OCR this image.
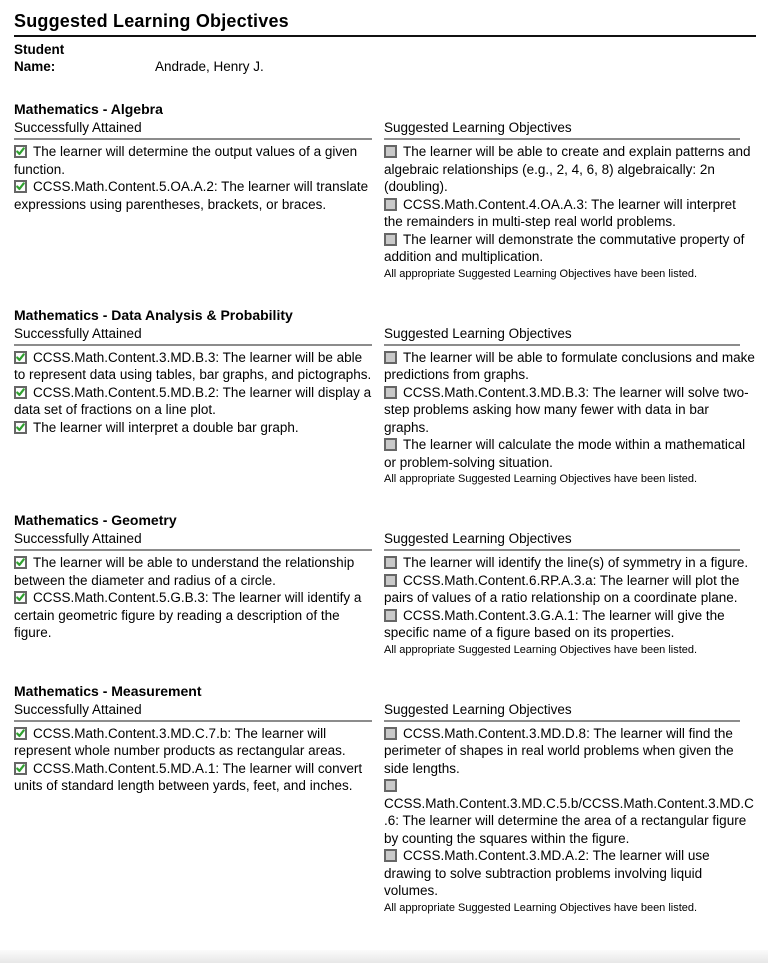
Suggested Learning Objectives
Student
Name:	Andrade, Henry J.
Mathematics - Algebra
Successfully Attained
The learner will determine the output values of a given function.
CCSS.Math.Content.5.OA.A.2: The learner will translate expressions using parentheses, brackets, or braces.
Suggested Learning Objectives
The learner will be able to create and explain patterns and algebraic relationships (e.g., 2, 4, 6, 8) algebraically: 2n (doubling).
CCSS.Math.Content.4.OA.A.3: The learner will interpret the remainders in multi-step real world problems.
The learner will demonstrate the commutative property of addition and multiplication.
All appropriate Suggested Learning Objectives have been listed.
Mathematics - Data Analysis & Probability
Successfully Attained
CCSS.Math.Content.3.MD.B.3: The learner will be able to represent data using tables, bar graphs, and pictographs.
CCSS.Math.Content.5.MD.B.2: The learner will display a data set of fractions on a line plot.
The learner will interpret a double bar graph.
Suggested Learning Objectives
The learner will be able to formulate conclusions and make predictions from graphs.
CCSS.Math.Content.3.MD.B.3: The learner will solve two-step problems asking how many fewer with data in bar graphs.
The learner will calculate the mode within a mathematical or problem-solving situation.
All appropriate Suggested Learning Objectives have been listed.
Mathematics - Geometry
Successfully Attained
The learner will be able to understand the relationship between the diameter and radius of a circle.
CCSS.Math.Content.5.G.B.3: The learner will identify a certain geometric figure by reading a description of the figure.
Suggested Learning Objectives
The learner will identify the line(s) of symmetry in a figure.
CCSS.Math.Content.6.RP.A.3.a: The learner will plot the pairs of values of a ratio relationship on a coordinate plane.
CCSS.Math.Content.3.G.A.1: The learner will give the specific name of a figure based on its properties.
All appropriate Suggested Learning Objectives have been listed.
Mathematics - Measurement
Successfully Attained
CCSS.Math.Content.3.MD.C.7.b: The learner will represent whole number products as rectangular areas.
CCSS.Math.Content.5.MD.A.1: The learner will convert units of standard length between yards, feet, and inches.
Suggested Learning Objectives
CCSS.Math.Content.3.MD.D.8: The learner will find the perimeter of shapes in real world problems when given the side lengths.
CCSS.Math.Content.3.MD.C.5.b/CCSS.Math.Content.3.MD.C.6: The learner will determine the area of a rectangular figure by counting the squares within the figure.
CCSS.Math.Content.3.MD.A.2: The learner will use drawing to solve subtraction problems involving liquid volumes.
All appropriate Suggested Learning Objectives have been listed.
